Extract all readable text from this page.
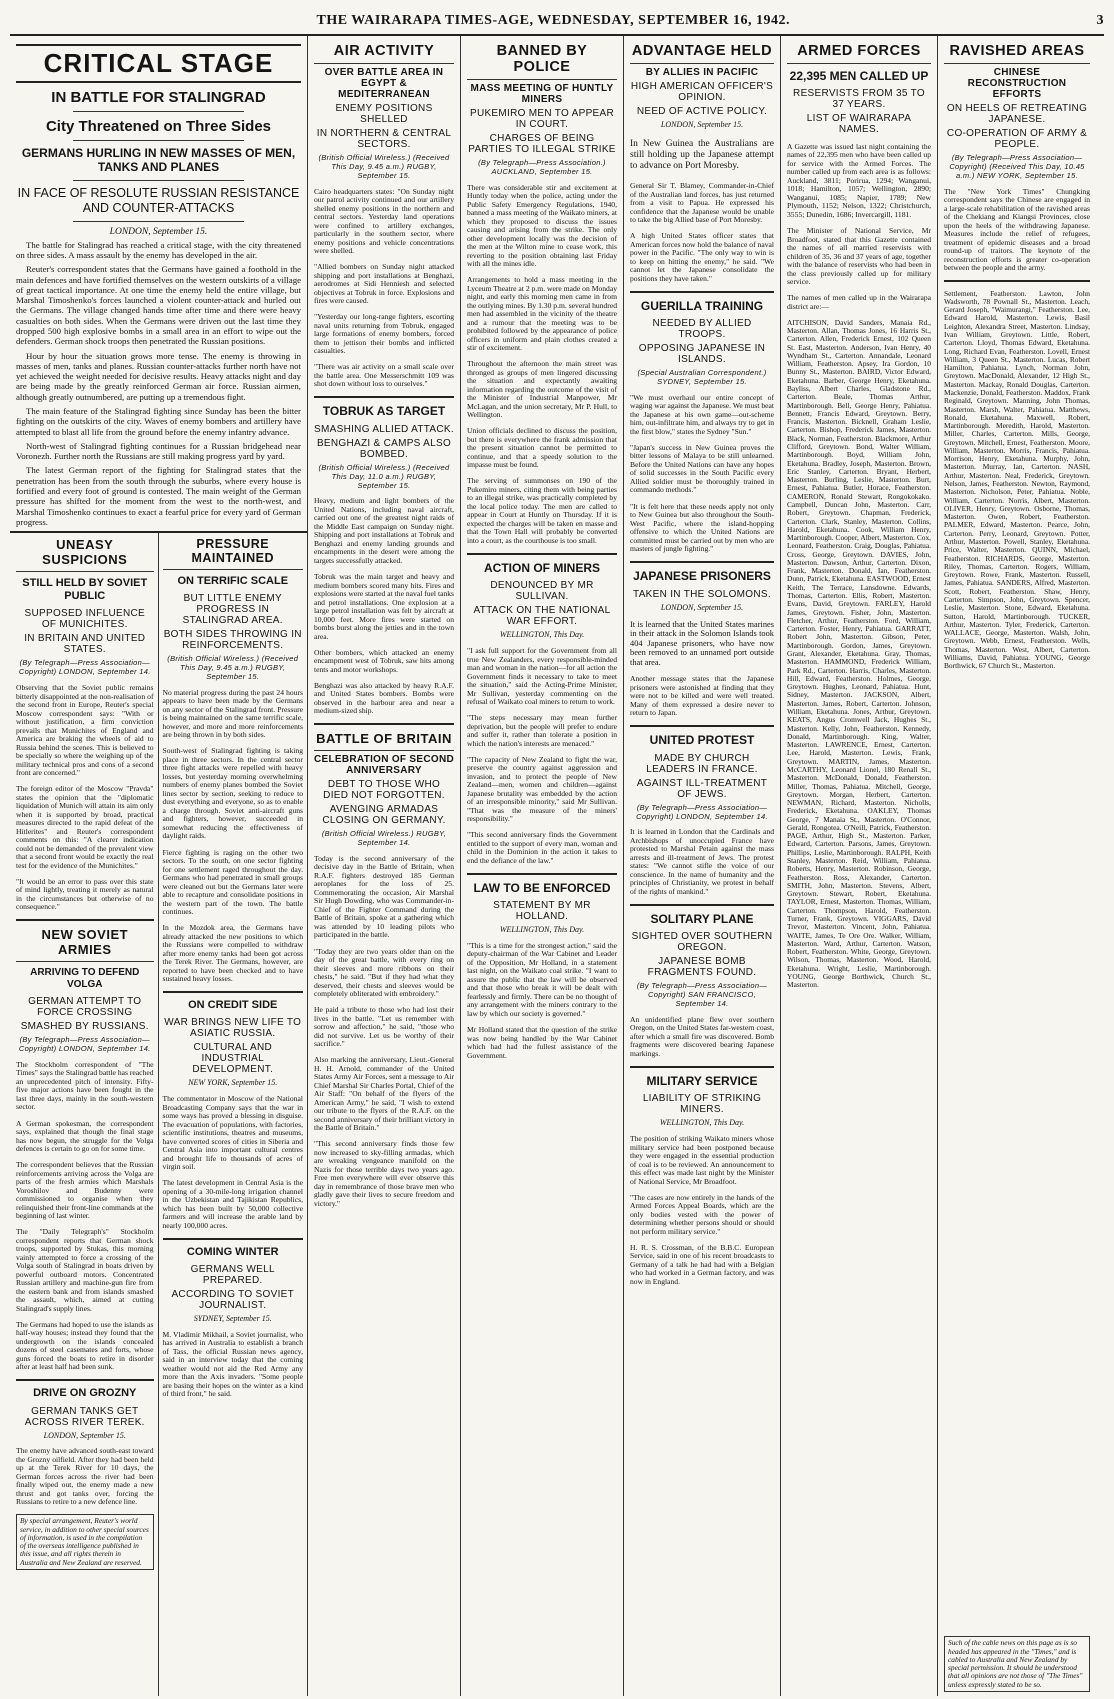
THE WAIRARAPA TIMES-AGE, WEDNESDAY, SEPTEMBER 16, 1942.	3
CRITICAL STAGE
IN BATTLE FOR STALINGRAD
City Threatened on Three Sides
GERMANS HURLING IN NEW MASSES OF MEN, TANKS AND PLANES
IN FACE OF RESOLUTE RUSSIAN RESISTANCE AND COUNTER-ATTACKS
LONDON, September 15.

The battle for Stalingrad has reached a critical stage, with the city threatened on three sides. A mass assault by the enemy has developed in the air.

Reuter's correspondent states that the Germans have gained a foothold in the main defences and have fortified themselves on the western outskirts of a village of great tactical importance. At one time the enemy held the entire village, but Marshal Timoshenko's forces launched a violent counter-attack and hurled out the Germans. The village changed hands time after time and there were heavy casualties on both sides. When the Germans were driven out the last time they dropped 500 high explosive bombs in a small area in an effort to wipe out the defenders. German shock troops then penetrated the Russian positions.

Hour by hour the situation grows more tense. The enemy is throwing in masses of men, tanks and planes. Russian counter-attacks further north have not yet achieved the weight needed for decisive results. Heavy attacks night and day are being made by the greatly reinforced German air force. Russian airmen, although greatly outnumbered, are putting up a tremendous fight.

The main feature of the Stalingrad fighting since Sunday has been the bitter fighting on the outskirts of the city. Waves of enemy bombers and artillery have attempted to blast all life from the ground before the enemy infantry advance.

North-west of Stalingrad fighting continues for a Russian bridgehead near Voronezh. Further north the Russians are still making progress yard by yard.

The latest German report of the fighting for Stalingrad states that the penetration has been from the south through the suburbs, where every house is fortified and every foot of ground is contested. The main weight of the German pressure has shifted for the moment from the west to the north-west, and Marshal Timoshenko continues to exact a fearful price for every yard of German progress.

UNEASY SUSPICIONS
STILL HELD BY SOVIET PUBLIC
SUPPOSED INFLUENCE OF MUNICHITES.
IN BRITAIN AND UNITED STATES.
(By Telegraph—Press Association—Copyright) LONDON, September 14.

Observing that the Soviet public remains bitterly disappointed at the non-realisation of the second front in Europe, Reuter's special Moscow correspondent says: "With or without justification, a firm conviction prevails that Munichites of England and America are braking the wheels of aid to Russia behind the scenes. This is believed to be specially so where the weighing up of the military technical pros and cons of a second front are concerned."

The foreign editor of the Moscow "Pravda" states the opinion that the "diplomatic liquidation of Munich will attain its aim only when it is supported by broad, practical measures directed to the rapid defeat of the Hitlerites" and Reuter's correspondent comments on this: "A clearer indication could not be demanded of the prevalent view that a second front would be exactly the real test for the evidence of the Munichites."

"It would be an error to pass over this state of mind lightly, treating it merely as natural in the circumstances but otherwise of no consequence."

NEW SOVIET ARMIES
ARRIVING TO DEFEND VOLGA
GERMAN ATTEMPT TO FORCE CROSSING
SMASHED BY RUSSIANS.
(By Telegraph—Press Association—Copyright) LONDON, September 14.

The Stockholm correspondent of "The Times" says the Stalingrad battle has reached an unprecedented pitch of intensity. Fifty-five major actions have been fought in the last three days, mainly in the south-western sector.

A German spokesman, the correspondent says, explained that though the final stage has now begun, the struggle for the Volga defences is certain to go on for some time.

The correspondent believes that the Russian reinforcements arriving across the Volga are parts of the fresh armies which Marshals Voroshilov and Budenny were commissioned to organise when they relinquished their front-line commands at the beginning of last winter.

The "Daily Telegraph's" Stockholm correspondent reports that German shock troops, supported by Stukas, this morning vainly attempted to force a crossing of the Volga south of Stalingrad in boats driven by powerful outboard motors. Concentrated Russian artillery and machine-gun fire from the eastern bank and from islands smashed the assault, which, aimed at cutting Stalingrad's supply lines.

The Germans had hoped to use the islands as half-way houses; instead they found that the undergrowth on the islands concealed dozens of steel casemates and forts, whose guns forced the boats to retire in disorder after at least half had been sunk.

DRIVE ON GROZNY
GERMAN TANKS GET ACROSS RIVER TEREK.
LONDON, September 15.

The enemy have advanced south-east toward the Grozny oilfield. After they had been held up at the Terek River for 10 days, the German forces across the river had been finally wiped out, the enemy made a new thrust and got tanks over, forcing the Russians to retire to a new defence line.

By special arrangement, Reuter's world service, in addition to other special sources of information, is used in the compilation of the overseas intelligence published in this issue, and all rights therein in Australia and New Zealand are reserved.
PRESSURE MAINTAINED
ON TERRIFIC SCALE
BUT LITTLE ENEMY PROGRESS IN STALINGRAD AREA.
BOTH SIDES THROWING IN REINFORCEMENTS.
(British Official Wireless.) (Received This Day, 9.45 a.m.) RUGBY, September 15.

No material progress during the past 24 hours appears to have been made by the Germans on any sector of the Stalingrad front. Pressure is being maintained on the same terrific scale, however, and more and more reinforcements are being thrown in by both sides.

South-west of Stalingrad fighting is taking place in three sectors. In the central sector three fight attacks were repelled with heavy losses, but yesterday morning overwhelming numbers of enemy planes bombed the Soviet lines sector by section, seeking to reduce to dust everything and everyone, so as to enable a charge through. Soviet anti-aircraft guns and fighters, however, succeeded in somewhat reducing the effectiveness of daylight raids.

Fierce fighting is raging on the other two sectors. To the south, on one sector fighting for one settlement raged throughout the day. Germans who had penetrated in small groups were cleaned out but the Germans later were able to recapture and consolidate positions in the western part of the town. The battle continues.

In the Mozdok area, the Germans have already attacked the new positions to which the Russians were compelled to withdraw after more enemy tanks had been got across the Terek River. The Germans, however, are reported to have been checked and to have sustained heavy losses.

ON CREDIT SIDE
WAR BRINGS NEW LIFE TO ASIATIC RUSSIA.
CULTURAL AND INDUSTRIAL DEVELOPMENT.
NEW YORK, September 15.

The commentator in Moscow of the National Broadcasting Company says that the war in some ways has proved a blessing in disguise. The evacuation of populations, with factories, scientific institutions, theatres and museums, have converted scores of cities in Siberia and Central Asia into important cultural centres and brought life to thousands of acres of virgin soil.

The latest development in Central Asia is the opening of a 30-mile-long irrigation channel in the Uzbekistan and Tajikistan Republics, which has been built by 50,000 collective farmers and will increase the arable land by nearly 100,000 acres.

COMING WINTER
GERMANS WELL PREPARED.
ACCORDING TO SOVIET JOURNALIST.
SYDNEY, September 15.

M. Vladimir Mikhail, a Soviet journalist, who has arrived in Australia to establish a branch of Tass, the official Russian news agency, said in an interview today that the coming weather would not aid the Red Army any more than the Axis invaders. "Some people are basing their hopes on the winter as a kind of third front," he said.

AIR ACTIVITY
OVER BATTLE AREA IN EGYPT & MEDITERRANEAN
ENEMY POSITIONS SHELLED
IN NORTHERN & CENTRAL SECTORS.
(British Official Wireless.) (Received This Day, 9.45 a.m.) RUGBY, September 15.

Cairo headquarters states: "On Sunday night our patrol activity continued and our artillery shelled enemy positions in the northern and central sectors. Yesterday land operations were confined to artillery exchanges, particularly in the southern sector, where enemy positions and vehicle concentrations were shelled.

"Allied bombers on Sunday night attacked shipping and port installations at Benghazi, aerodromes at Sidi Henniesh and selected objectives at Tobruk in force. Explosions and fires were caused.

"Yesterday our long-range fighters, escorting naval units returning from Tobruk, engaged large formations of enemy bombers, forced them to jettison their bombs and inflicted casualties.

"There was air activity on a small scale over the battle area. One Messerschmitt 109 was shot down without loss to ourselves."

TOBRUK AS TARGET
SMASHING ALLIED ATTACK.
BENGHAZI & CAMPS ALSO BOMBED.
(British Official Wireless.) (Received This Day, 11.0 a.m.) RUGBY, September 15.

Heavy, medium and light bombers of the United Nations, including naval aircraft, carried out one of the greatest night raids of the Middle East campaign on Sunday night. Shipping and port installations at Tobruk and Benghazi and enemy landing grounds and encampments in the desert were among the targets successfully attacked.

Tobruk was the main target and heavy and medium bombers scored many hits. Fires and explosions were started at the naval fuel tanks and petrol installations. One explosion at a large petrol installation was felt by aircraft at 10,000 feet. More fires were started on bombs burst along the jetties and in the town area.

Other bombers, which attacked an enemy encampment west of Tobruk, saw hits among tents and motor workshops.

Benghazi was also attacked by heavy R.A.F. and United States bombers. Bombs were observed in the harbour area and near a medium-sized ship.

BATTLE OF BRITAIN
CELEBRATION OF SECOND ANNIVERSARY
DEBT TO THOSE WHO DIED NOT FORGOTTEN.
AVENGING ARMADAS CLOSING ON GERMANY.
(British Official Wireless.) RUGBY, September 14.

Today is the second anniversary of the decisive day in the Battle of Britain, when R.A.F. fighters destroyed 185 German aeroplanes for the loss of 25. Commemorating the occasion, Air Marshal Sir Hugh Dowding, who was Commander-in-Chief of the Fighter Command during the Battle of Britain, spoke at a gathering which was attended by 10 leading pilots who participated in the battle.

"Today they are two years older than on the day of the great battle, with every ring on their sleeves and more ribbons on their chests," he said. "But if they had what they deserved, their chests and sleeves would be completely obliterated with embroidery."

He paid a tribute to those who had lost their lives in the battle. "Let us remember with sorrow and affection," he said, "those who did not survive. Let us be worthy of their sacrifice."

Also marking the anniversary, Lieut.-General H. H. Arnold, commander of the United States Army Air Forces, sent a message to Air Chief Marshal Sir Charles Portal, Chief of the Air Staff: "On behalf of the flyers of the American Army," he said, "I wish to extend our tribute to the flyers of the R.A.F. on the second anniversary of their brilliant victory in the Battle of Britain."

"This second anniversary finds those few now increased to sky-filling armadas, which are wreaking vengeance manifold on the Nazis for those terrible days two years ago. Free men everywhere will ever observe this day in remembrance of those brave men who gladly gave their lives to secure freedom and victory."

BANNED BY POLICE
MASS MEETING OF HUNTLY MINERS
PUKEMIRO MEN TO APPEAR IN COURT.
CHARGES OF BEING PARTIES TO ILLEGAL STRIKE
(By Telegraph—Press Association.) AUCKLAND, September 15.

There was considerable stir and excitement at Huntly today when the police, acting under the Public Safety Emergency Regulations, 1940, banned a mass meeting of the Waikato miners, at which they proposed to discuss the issues causing and arising from the strike. The only other development locally was the decision of the men at the Wilton mine to cease work, this reverting to the position obtaining last Friday with all the mines idle.

Arrangements to hold a mass meeting in the Lyceum Theatre at 2 p.m. were made on Monday night, and early this morning men came in from the outlying mines. By 1.30 p.m. several hundred men had assembled in the vicinity of the theatre and a rumour that the meeting was to be prohibited followed by the appearance of police officers in uniform and plain clothes created a stir of excitement.

Throughout the afternoon the main street was thronged as groups of men lingered discussing the situation and expectantly awaiting information regarding the outcome of the visit of the Minister of Industrial Manpower, Mr McLagan, and the union secretary, Mr P. Hull, to Wellington.

Union officials declined to discuss the position, but there is everywhere the frank admission that the present situation cannot be permitted to continue, and that a speedy solution to the impasse must be found.

The serving of summonses on 190 of the Pukemiro miners, citing them with being parties to an illegal strike, was practically completed by the local police today. The men are called to appear in Court at Huntly on Thursday. If it is expected the charges will be taken en masse and that the Town Hall will probably be converted into a court, as the courthouse is too small.

ACTION OF MINERS
DENOUNCED BY MR SULLIVAN.
ATTACK ON THE NATIONAL WAR EFFORT.
WELLINGTON, This Day.

"I ask full support for the Government from all true New Zealanders, every responsible-minded man and woman in the nation—for all action the Government finds it necessary to take to meet the situation," said the Acting-Prime Minister, Mr Sullivan, yesterday commenting on the refusal of Waikato coal miners to return to work.

"The steps necessary may mean further deprivation, but the people will prefer to endure and suffer it, rather than tolerate a position in which the nation's interests are menaced."

"The capacity of New Zealand to fight the war, preserve the country against aggression and invasion, and to protect the people of New Zealand—men, women and children—against Japanese brutality was embedded by the action of an irresponsible minority," said Mr Sullivan. "That was the measure of the miners' responsibility."

"This second anniversary finds the Government entitled to the support of every man, woman and child in the Dominion in the action it takes to end the defiance of the law."

LAW TO BE ENFORCED
STATEMENT BY MR HOLLAND.
WELLINGTON, This Day.

"This is a time for the strongest action," said the deputy-chairman of the War Cabinet and Leader of the Opposition, Mr Holland, in a statement last night, on the Waikato coal strike. "I want to assure the public that the law will be observed and that those who break it will be dealt with fearlessly and firmly. There can be no thought of any arrangement with the miners contrary to the law by which our society is governed."

Mr Holland stated that the question of the strike was now being handled by the War Cabinet which had had the fullest assistance of the Government.

ADVANTAGE HELD
BY ALLIES IN PACIFIC
HIGH AMERICAN OFFICER'S OPINION.
NEED OF ACTIVE POLICY.
LONDON, September 15.

In New Guinea the Australians are still holding up the Japanese attempt to advance on Port Moresby.

General Sir T. Blamey, Commander-in-Chief of the Australian land forces, has just returned from a visit to Papua. He expressed his confidence that the Japanese would be unable to take the big Allied base of Port Moresby.

A high United States officer states that American forces now hold the balance of naval power in the Pacific. "The only way to win is to keep on hitting the enemy," he said. "We cannot let the Japanese consolidate the positions they have taken."

GUERILLA TRAINING
NEEDED BY ALLIED TROOPS.
OPPOSING JAPANESE IN ISLANDS.
(Special Australian Correspondent.) SYDNEY, September 15.

"We must overhaul our entire concept of waging war against the Japanese. We must beat the Japanese at his own game—out-scheme him, out-infiltrate him, and always try to get in the first blow," states the Sydney "Sun."

"Japan's success in New Guinea proves the bitter lessons of Malaya to be still unlearned. Before the United Nations can have any hopes of solid successes in the South Pacific every Allied soldier must be thoroughly trained in commando methods."

"It is felt here that these needs apply not only to New Guinea but also throughout the South-West Pacific, where the island-hopping offensive to which the United Nations are committed must be carried out by men who are masters of jungle fighting."

JAPANESE PRISONERS
TAKEN IN THE SOLOMONS.
LONDON, September 15.

It is learned that the United States marines in their attack in the Solomon Islands took 404 Japanese prisoners, who have now been removed to an unnamed port outside that area.

Another message states that the Japanese prisoners were astonished at finding that they were not to be killed and were well treated. Many of them expressed a desire never to return to Japan.

UNITED PROTEST
MADE BY CHURCH LEADERS IN FRANCE.
AGAINST ILL-TREATMENT OF JEWS.
(By Telegraph—Press Association—Copyright) LONDON, September 14.

It is learned in London that the Cardinals and Archbishops of unoccupied France have protested to Marshal Petain against the mass arrests and ill-treatment of Jews. The protest states: "We cannot stifle the voice of our conscience. In the name of humanity and the principles of Christianity, we protest in behalf of the rights of mankind."

SOLITARY PLANE
SIGHTED OVER SOUTHERN OREGON.
JAPANESE BOMB FRAGMENTS FOUND.
(By Telegraph—Press Association—Copyright) SAN FRANCISCO, September 14.

An unidentified plane flew over southern Oregon, on the United States far-western coast, after which a small fire was discovered. Bomb fragments were discovered bearing Japanese markings.

MILITARY SERVICE
LIABILITY OF STRIKING MINERS.
WELLINGTON, This Day.

The position of striking Waikato miners whose military service had been postponed because they were engaged in the essential production of coal is to be reviewed. An announcement to this effect was made last night by the Minister of National Service, Mr Broadfoot.

"The cases are now entirely in the hands of the Armed Forces Appeal Boards, which are the only bodies vested with the power of determining whether persons should or should not perform military service."

H. R. S. Crossman, of the B.B.C. European Service, said in one of his recent broadcasts to Germany of a talk he had had with a Belgian who had worked in a German factory, and was now in England.

ARMED FORCES
22,395 MEN CALLED UP
RESERVISTS FROM 35 TO 37 YEARS.
LIST OF WAIRARAPA NAMES.

A Gazette was issued last night containing the names of 22,395 men who have been called up for service with the Armed Forces. The number called up from each area is as follows: Auckland, 3811; Porirua, 1294; Wanganui, 1018; Hamilton, 1057; Wellington, 2890; Wanganui, 1085; Napier, 1789; New Plymouth, 1152; Nelson, 1322; Christchurch, 3555; Dunedin, 1686; Invercargill, 1181.

The Minister of National Service, Mr Broadfoot, stated that this Gazette contained the names of all married reservists with children of 35, 36 and 37 years of age, together with the balance of reservists who had been in the class previously called up for military service.

The names of men called up in the Wairarapa district are:—

AITCHISON, David Sanders, Manaia Rd., Masterton. Allan, Thomas Jones, 16 Harris St., Carterton. Allen, Frederick Ernest, 102 Queen St. East, Masterton. Anderson, Ivan Henry, 40 Wyndham St., Carterton. Annandale, Leonard William, Featherston. Apsey, Ira Gordon, 10 Bunny St., Masterton. BAIRD, Victor Edward, Eketahuna. Barber, George Henry, Eketahuna. Bayliss, Albert Charles, Gladstone Rd., Carterton. Beale, Thomas Arthur, Martinborough. Bell, George Henry, Pahiatua. Bennett, Francis Edward, Greytown. Berry, Francis, Masterton. Bicknell, Graham Leslie, Carterton. Bishop, Frederick James, Masterton. Black, Norman, Featherston. Blackmore, Arthur Clifford, Greytown. Bond, Walter William, Martinborough. Boyd, William John, Eketahuna. Bradley, Joseph, Masterton. Brown, Eric Stanley, Carterton. Bryant, Herbert, Masterton. Burling, Leslie, Masterton. Burt, Ernest, Pahiatua. Butler, Horace, Featherston. CAMERON, Ronald Stewart, Rongokokako. Campbell, Duncan John, Masterton. Carr, Robert, Greytown. Chapman, Frederick, Carterton. Clark, Stanley, Masterton. Collins, Harold, Eketahuna. Cook, William Henry, Martinborough. Cooper, Albert, Masterton. Cox, Leonard, Featherston. Craig, Douglas, Pahiatua. Cross, George, Greytown. DAVIES, John, Masterton. Dawson, Arthur, Carterton. Dixon, Frank, Masterton. Donald, Ian, Featherston. Dunn, Patrick, Eketahuna. EASTWOOD, Ernest Keith, The Terrace, Lansdowne. Edwards, Thomas, Carterton. Ellis, Robert, Masterton. Evans, David, Greytown. FARLEY, Harold James, Greytown. Fisher, John, Masterton. Fletcher, Arthur, Featherston. Ford, William, Carterton. Foster, Henry, Pahiatua. GARRATT, Robert John, Masterton. Gibson, Peter, Martinborough. Gordon, James, Greytown. Grant, Alexander, Eketahuna. Gray, Thomas, Masterton. HAMMOND, Frederick William, Park Rd., Carterton. Harris, Charles, Masterton. Hill, Edward, Featherston. Holmes, George, Greytown. Hughes, Leonard, Pahiatua. Hunt, Sidney, Masterton. JACKSON, Albert, Masterton. James, Robert, Carterton. Johnson, William, Eketahuna. Jones, Arthur, Greytown. KEATS, Angus Cromwell Jack, Hughes St., Masterton. Kelly, John, Featherston. Kennedy, Donald, Martinborough. King, Walter, Masterton. LAWRENCE, Ernest, Carterton. Lee, Harold, Masterton. Lewis, Frank, Greytown. MARTIN, James, Masterton. McCARTHY, Leonard Lionel, 180 Renall St., Masterton. McDonald, Donald, Featherston. Miller, Thomas, Pahiatua. Mitchell, George, Greytown. Morgan, Herbert, Carterton. NEWMAN, Richard, Masterton. Nicholls, Frederick, Eketahuna. OAKLEY, Thomas George, 7 Manaia St., Masterton. O'Connor, Gerald, Rongotea. O'Neill, Patrick, Featherston. PAGE, Arthur, High St., Masterton. Parker, Edward, Carterton. Parsons, James, Greytown. Phillips, Leslie, Martinborough. RALPH, Keith Stanley, Masterton. Reid, William, Pahiatua. Roberts, Henry, Masterton. Robinson, George, Featherston. Ross, Alexander, Carterton. SMITH, John, Masterton. Stevens, Albert, Greytown. Stewart, Robert, Eketahuna. TAYLOR, Ernest, Masterton. Thomas, William, Carterton. Thompson, Harold, Featherston. Turner, Frank, Greytown. VIGGARS, David Trevor, Masterton. Vincent, John, Pahiatua. WAITE, James, Te Ore Ore. Walker, William, Masterton. Ward, Arthur, Carterton. Watson, Robert, Featherston. White, George, Greytown. Wilson, Thomas, Masterton. Wood, Harold, Eketahuna. Wright, Leslie, Martinborough. YOUNG, George Borthwick, Church St., Masterton.

RAVISHED AREAS
CHINESE RECONSTRUCTION EFFORTS
ON HEELS OF RETREATING JAPANESE.
CO-OPERATION OF ARMY & PEOPLE.
(By Telegraph—Press Association—Copyright) (Received This Day, 10.45 a.m.) NEW YORK, September 15.

The "New York Times" Chungking correspondent says the Chinese are engaged in a large-scale rehabilitation of the ravished areas of the Chekiang and Kiangsi Provinces, close upon the heels of the withdrawing Japanese. Measures include the relief of refugees, treatment of epidemic diseases and a broad round-up of traitors. The keynote of the reconstruction efforts is greater co-operation between the people and the army.

Settlement, Featherston. Lawton, John Wadsworth, 78 Pownall St., Masterton. Leach, Gerard Joseph, "Waimurangi," Featherston. Lee, Edward Harold, Masterton. Lewis, Basil Leighton, Alexandra Street, Masterton. Lindsay, Ivan William, Greytown. Little, Robert, Carterton. Lloyd, Thomas Edward, Eketahuna. Long, Richard Evan, Featherston. Lovell, Ernest William, 3 Queen St., Masterton. Lucas, Robert Hamilton, Pahiatua. Lynch, Norman John, Greytown. MacDonald, Alexander, 12 High St., Masterton. Mackay, Ronald Douglas, Carterton. Mackenzie, Donald, Featherston. Maddox, Frank Reginald, Greytown. Manning, John Thomas, Masterton. Marsh, Walter, Pahiatua. Matthews, Ronald, Eketahuna. Maxwell, Robert, Martinborough. Meredith, Harold, Masterton. Miller, Charles, Carterton. Mills, George, Greytown. Mitchell, Ernest, Featherston. Moore, William, Masterton. Morris, Francis, Pahiatua. Morrison, Henry, Eketahuna. Murphy, John, Masterton. Murray, Ian, Carterton. NASH, Arthur, Masterton. Neal, Frederick, Greytown. Nelson, James, Featherston. Newton, Raymond, Masterton. Nicholson, Peter, Pahiatua. Noble, William, Carterton. Norris, Albert, Masterton. OLIVER, Henry, Greytown. Osborne, Thomas, Masterton. Owen, Robert, Featherston. PALMER, Edward, Masterton. Pearce, John, Carterton. Perry, Leonard, Greytown. Potter, Arthur, Masterton. Powell, Stanley, Eketahuna. Price, Walter, Masterton. QUINN, Michael, Featherston. RICHARDS, George, Masterton. Riley, Thomas, Carterton. Rogers, William, Greytown. Rowe, Frank, Masterton. Russell, James, Pahiatua. SANDERS, Alfred, Masterton. Scott, Robert, Featherston. Shaw, Henry, Carterton. Simpson, John, Greytown. Spencer, Leslie, Masterton. Stone, Edward, Eketahuna. Sutton, Harold, Martinborough. TUCKER, Arthur, Masterton. Tyler, Frederick, Carterton. WALLACE, George, Masterton. Walsh, John, Greytown. Webb, Ernest, Featherston. Wells, Thomas, Masterton. West, Albert, Carterton. Williams, David, Pahiatua. YOUNG, George Borthwick, 67 Church St., Masterton.

Such of the cable news on this page as is so headed has appeared in the "Times," and is cabled to Australia and New Zealand by special permission. It should be understood that all opinions are not those of "The Times" unless expressly stated to be so.
